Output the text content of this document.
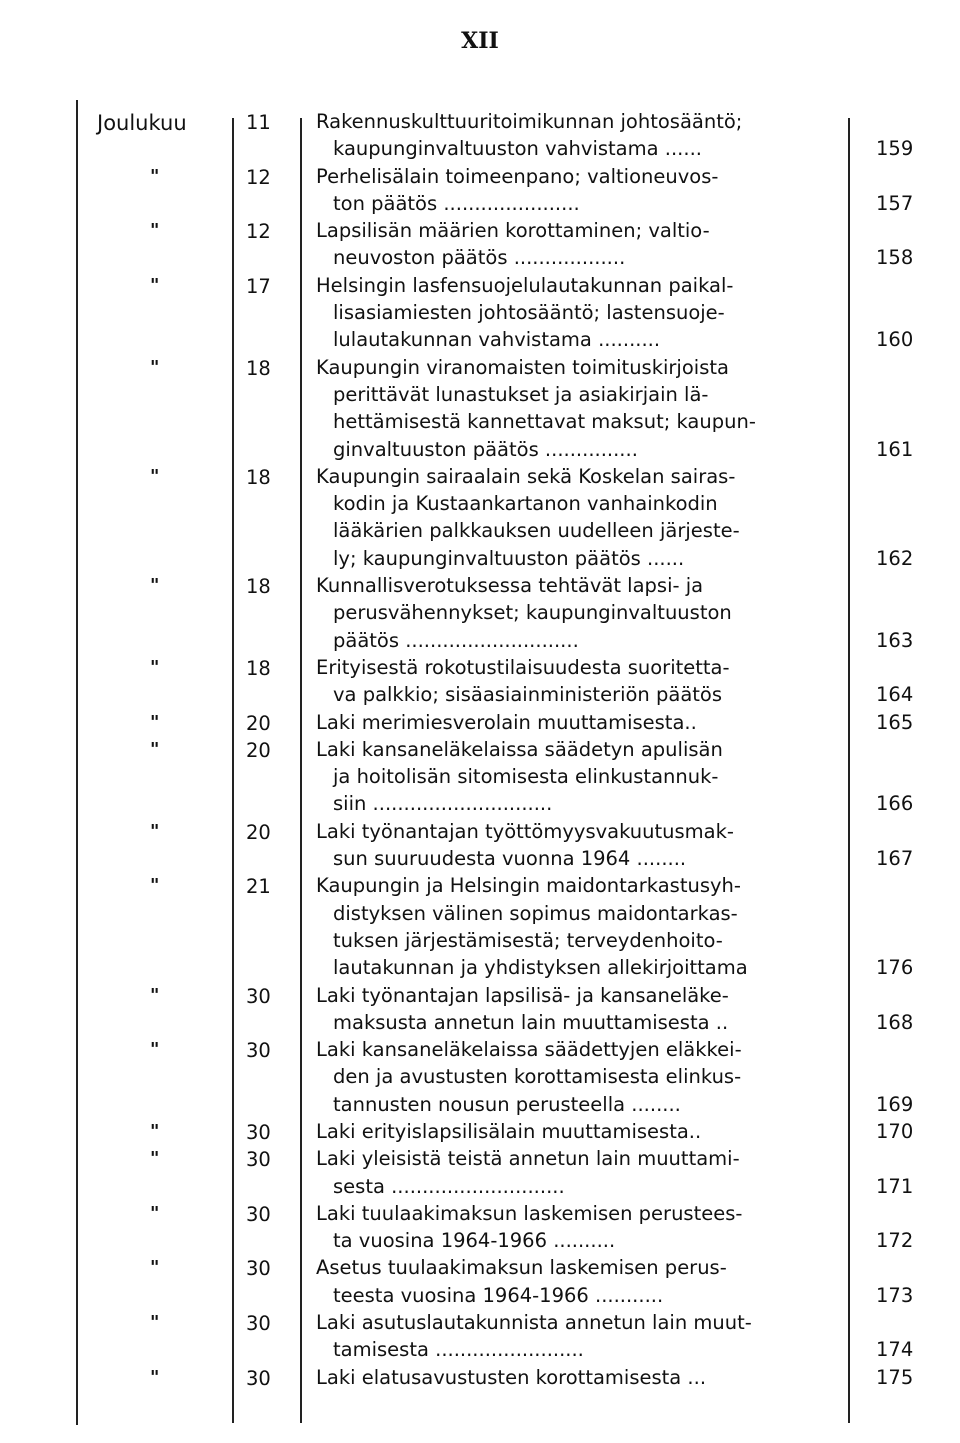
XII
Joulukuu	11 Rakennuskulttuuritoimikunnan johtosääntö;
kaupunginvaltuuston vahvistama ......	159
"	12 Perhelisälain toimeenpano; valtioneuvos-
ton päätös ......................	157
"	12 Lapsilisän määrien korottaminen; valtio-
neuvoston päätös ..................	158
"	17 Helsingin lasfensuojelulautakunnan paikal-
lisasiamiesten johtosääntö; lastensuoje-
lulautakunnan vahvistama ..........	160
"	18 Kaupungin viranomaisten toimituskirjoista
perittävät lunastukset ja asiakirjain lä-
hettämisestä kannettavat maksut; kaupun-
ginvaltuuston päätös ...............	161
"	18 Kaupungin sairaalain sekä Koskelan sairas-
kodin ja Kustaankartanon vanhainkodin
lääkärien palkkauksen uudelleen järjeste-
ly; kaupunginvaltuuston päätös ......	162
"	18 Kunnallisverotuksessa tehtävät lapsi- ja
perusvähennykset; kaupunginvaltuuston
päätös ............................	163
"	18 Erityisestä rokotustilaisuudesta suoritetta-
va palkkio; sisäasiainministeriön päätös	164
"	20 Laki merimiesverolain muuttamisesta..	165
"	20 Laki kansaneläkelaissa säädetyn apulisän
ja hoitolisän sitomisesta elinkustannuk-
siin .............................	166
"	20 Laki työnantajan työttömyysvakuutusmak-
sun suuruudesta vuonna 1964 ........	167
"	21 Kaupungin ja Helsingin maidontarkastusyh-
distyksen välinen sopimus maidontarkas-
tuksen järjestämisestä; terveydenhoito-
lautakunnan ja yhdistyksen allekirjoittama	176
"	30 Laki työnantajan lapsilisä- ja kansaneläke-
maksusta annetun lain muuttamisesta ..	168
"	30 Laki kansaneläkelaissa säädettyjen eläkkei-
den ja avustusten korottamisesta elinkus-
tannusten nousun perusteella ........	169
"	30 Laki erityislapsilisälain muuttamisesta..	170
"	30 Laki yleisistä teistä annetun lain muuttami-
sesta ............................	171
"	30 Laki tuulaakimaksun laskemisen perustees-
ta vuosina 1964-1966 ..........	172
"	30 Asetus tuulaakimaksun laskemisen perus-
teesta vuosina 1964-1966 ...........	173
"	30 Laki asutuslautakunnista annetun lain muut-
tamisesta ........................	174
"	30 Laki elatusavustusten korottamisesta ...	175
